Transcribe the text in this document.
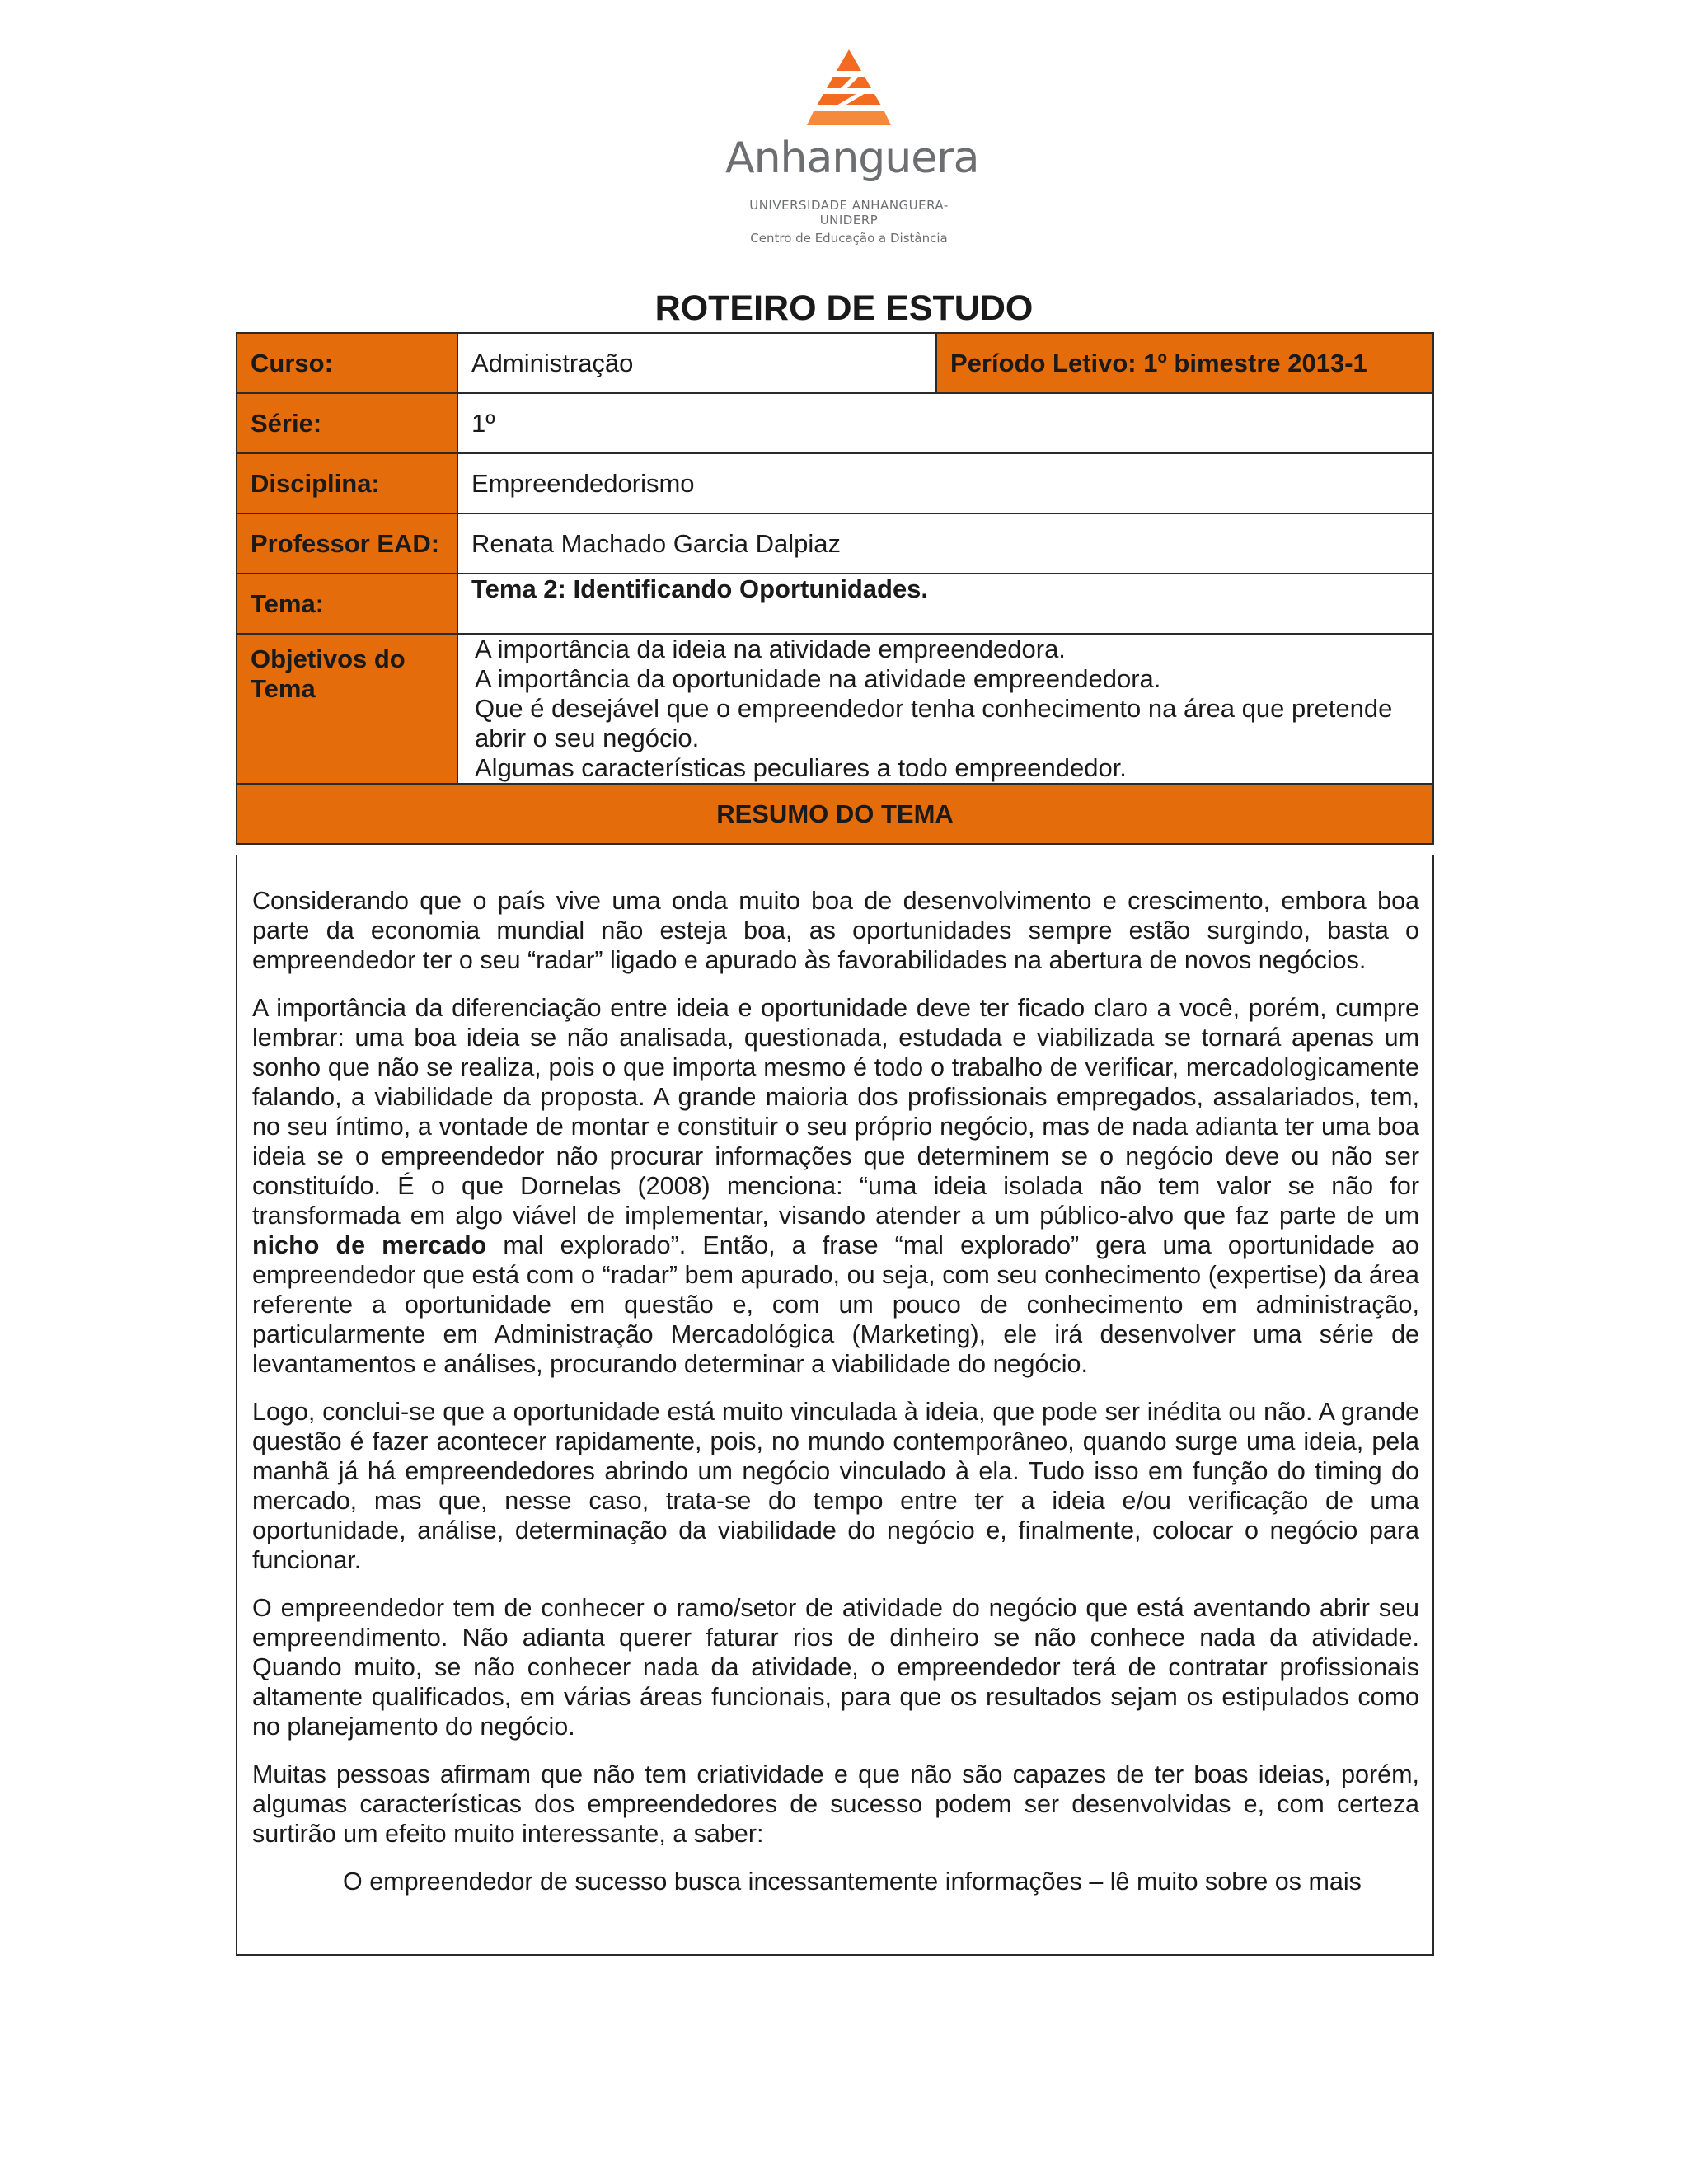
Anhanguera
UNIVERSIDADE ANHANGUERA-UNIDERP
Centro de Educação a Distância
ROTEIRO DE ESTUDO
Curso:	Administração	Período Letivo: 1º bimestre 2013-1
Série:	1º	
Disciplina:	Empreendedorismo	
Professor EAD:	Renata Machado Garcia Dalpiaz	
Tema:	Tema 2: Identificando Oportunidades.	
Objetivos do Tema	A importância da ideia na atividade empreendedora.
A importância da oportunidade na atividade empreendedora.
Que é desejável que o empreendedor tenha conhecimento na área que pretende abrir o seu negócio.
Algumas características peculiares a todo empreendedor.	

RESUMO DO TEMA		

Considerando que o país vive uma onda muito boa de desenvolvimento e crescimento, embora boa parte da economia mundial não esteja boa, as oportunidades sempre estão surgindo, basta o empreendedor ter o seu “radar” ligado e apurado às favorabilidades na abertura de novos negócios.

A importância da diferenciação entre ideia e oportunidade deve ter ficado claro a você, porém, cumpre lembrar: uma boa ideia se não analisada, questionada, estudada e viabilizada se tornará apenas um sonho que não se realiza, pois o que importa mesmo é todo o trabalho de verificar, mercadologicamente falando, a viabilidade da proposta. A grande maioria dos profissionais empregados, assalariados, tem, no seu íntimo, a vontade de montar e constituir o seu próprio negócio, mas de nada adianta ter uma boa ideia se o empreendedor não procurar informações que determinem se o negócio deve ou não ser constituído. É o que Dornelas (2008) menciona: “uma ideia isolada não tem valor se não for transformada em algo viável de implementar, visando atender a um público-alvo que faz parte de um nicho de mercado mal explorado”. Então, a frase “mal explorado” gera uma oportunidade ao empreendedor que está com o “radar” bem apurado, ou seja, com seu conhecimento (expertise) da área referente a oportunidade em questão e, com um pouco de conhecimento em administração, particularmente em Administração Mercadológica (Marketing), ele irá desenvolver uma série de levantamentos e análises, procurando determinar a viabilidade do negócio.

Logo, conclui-se que a oportunidade está muito vinculada à ideia, que pode ser inédita ou não. A grande questão é fazer acontecer rapidamente, pois, no mundo contemporâneo, quando surge uma ideia, pela manhã já há empreendedores abrindo um negócio vinculado à ela. Tudo isso em função do timing do mercado, mas que, nesse caso, trata-se do tempo entre ter a ideia e/ou verificação de uma oportunidade, análise, determinação da viabilidade do negócio e, finalmente, colocar o negócio para funcionar.

O empreendedor tem de conhecer o ramo/setor de atividade do negócio que está aventando abrir seu empreendimento. Não adianta querer faturar rios de dinheiro se não conhece nada da atividade. Quando muito, se não conhecer nada da atividade, o empreendedor terá de contratar profissionais altamente qualificados, em várias áreas funcionais, para que os resultados sejam os estipulados como no planejamento do negócio.

Muitas pessoas afirmam que não tem criatividade e que não são capazes de ter boas ideias, porém, algumas características dos empreendedores de sucesso podem ser desenvolvidas e, com certeza surtirão um efeito muito interessante, a saber:

O empreendedor de sucesso busca incessantemente informações – lê muito sobre os mais
